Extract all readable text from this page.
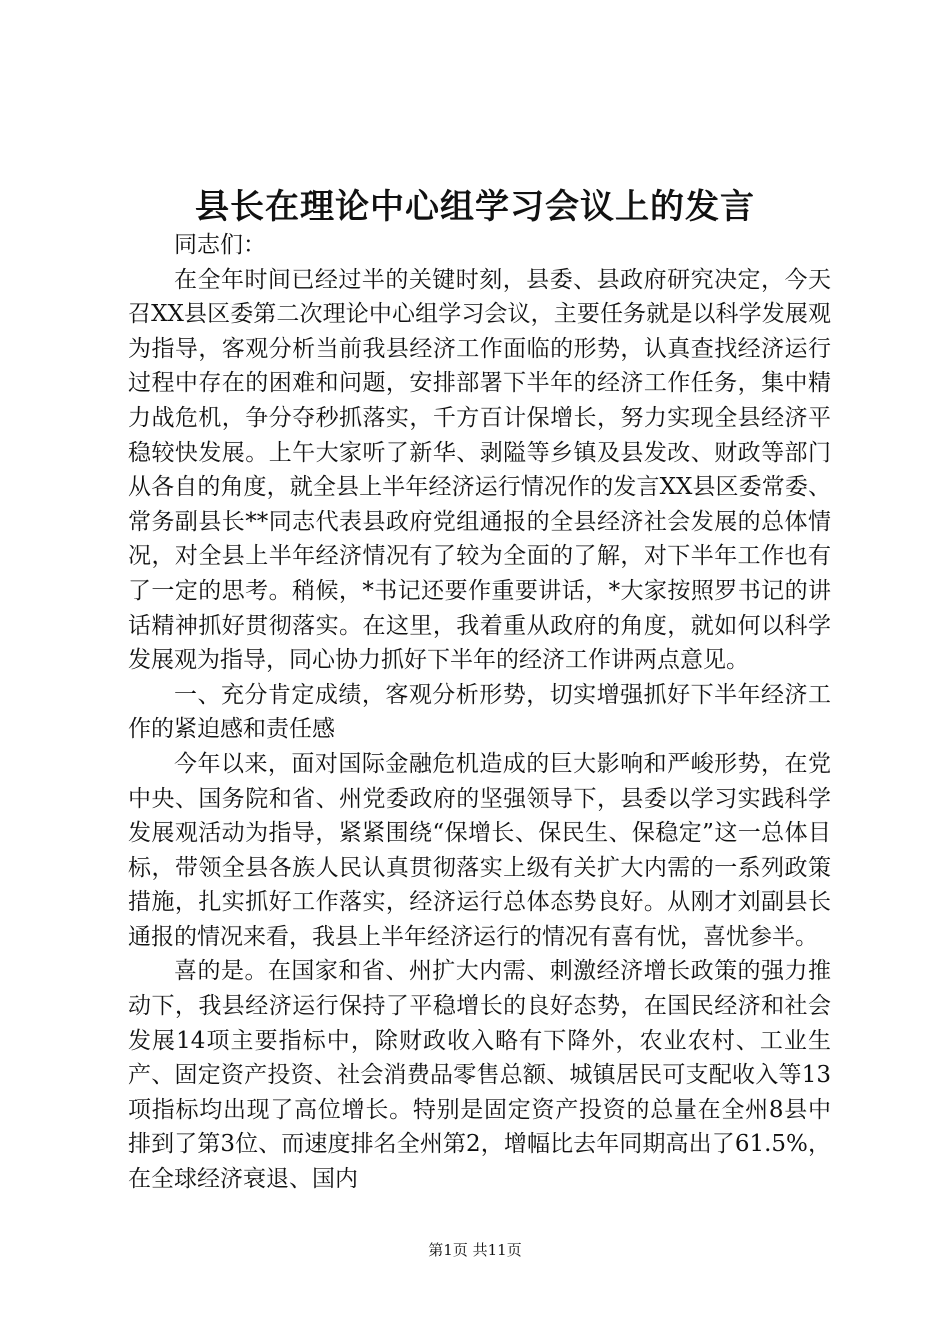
县长在理论中心组学习会议上的发言

同志们：

在全年时间已经过半的关键时刻，县委、县政府研究决定，今天召XX县区委第二次理论中心组学习会议，主要任务就是以科学发展观为指导，客观分析当前我县经济工作面临的形势，认真查找经济运行过程中存在的困难和问题，安排部署下半年的经济工作任务，集中精力战危机，争分夺秒抓落实，千方百计保增长，努力实现全县经济平稳较快发展。上午大家听了新华、剥隘等乡镇及县发改、财政等部门从各自的角度，就全县上半年经济运行情况作的发言XX县区委常委、常务副县长**同志代表县政府党组通报的全县经济社会发展的总体情况，对全县上半年经济情况有了较为全面的了解，对下半年工作也有了一定的思考。稍候，*书记还要作重要讲话，*大家按照罗书记的讲话精神抓好贯彻落实。在这里，我着重从政府的角度，就如何以科学发展观为指导，同心协力抓好下半年的经济工作讲两点意见。

一、充分肯定成绩，客观分析形势，切实增强抓好下半年经济工作的紧迫感和责任感

今年以来，面对国际金融危机造成的巨大影响和严峻形势，在党中央、国务院和省、州党委政府的坚强领导下，县委以学习实践科学发展观活动为指导，紧紧围绕“保增长、保民生、保稳定”这一总体目标，带领全县各族人民认真贯彻落实上级有关扩大内需的一系列政策措施，扎实抓好工作落实，经济运行总体态势良好。从刚才刘副县长通报的情况来看，我县上半年经济运行的情况有喜有忧，喜忧参半。

喜的是。在国家和省、州扩大内需、刺激经济增长政策的强力推动下，我县经济运行保持了平稳增长的良好态势，在国民经济和社会发展14项主要指标中，除财政收入略有下降外，农业农村、工业生产、固定资产投资、社会消费品零售总额、城镇居民可支配收入等13项指标均出现了高位增长。特别是固定资产投资的总量在全州8县中排到了第3位、而速度排名全州第2，增幅比去年同期高出了61.5%，在全球经济衰退、国内

第1页 共11页
